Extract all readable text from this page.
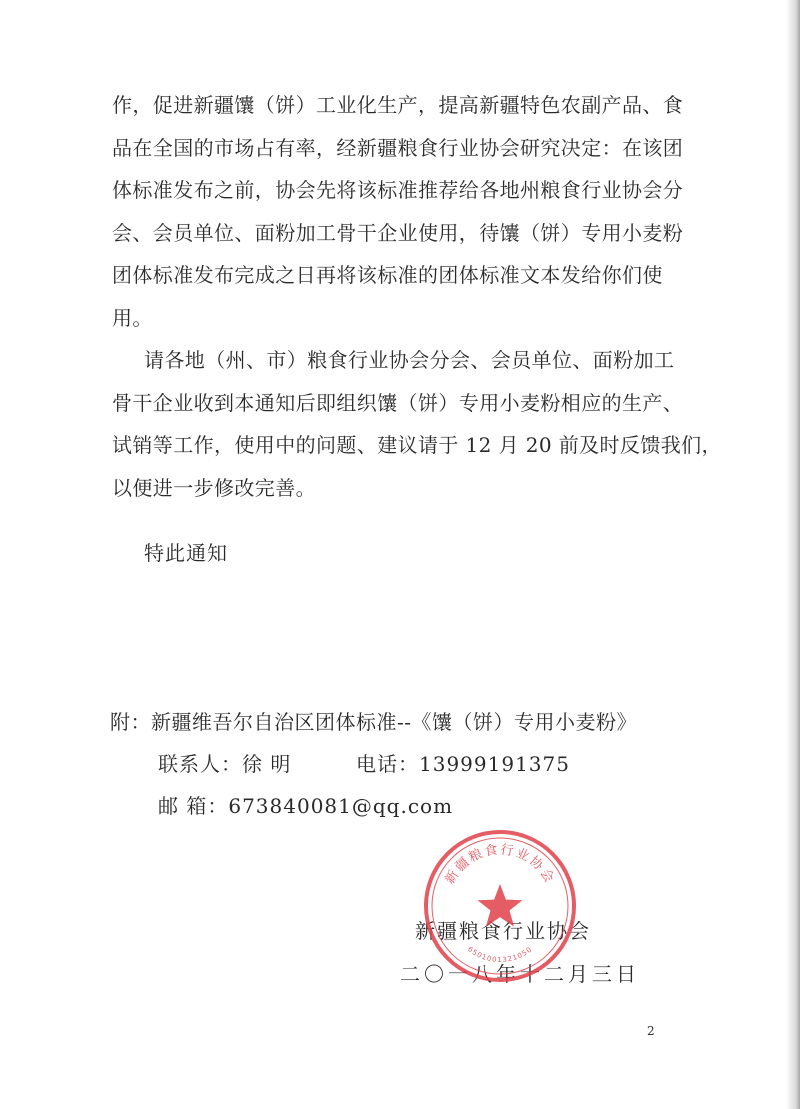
作，促进新疆馕（饼）工业化生产，提高新疆特色农副产品、食

品在全国的市场占有率，经新疆粮食行业协会研究决定：在该团

体标准发布之前，协会先将该标准推荐给各地州粮食行业协会分

会、会员单位、面粉加工骨干企业使用，待馕（饼）专用小麦粉

团体标准发布完成之日再将该标准的团体标准文本发给你们使

用。

请各地（州、市）粮食行业协会分会、会员单位、面粉加工

骨干企业收到本通知后即组织馕（饼）专用小麦粉相应的生产、

试销等工作，使用中的问题、建议请于 12 月 20 前及时反馈我们，

以便进一步修改完善。

特此通知
附：新疆维吾尔自治区团体标准--《馕（饼）专用小麦粉》
联系人：徐 明	电话：13999191375
邮 箱：673840081@qq.com
新疆粮食行业协会
二〇一八年十二月三日
新疆粮食行业协会
6501001321050
2
